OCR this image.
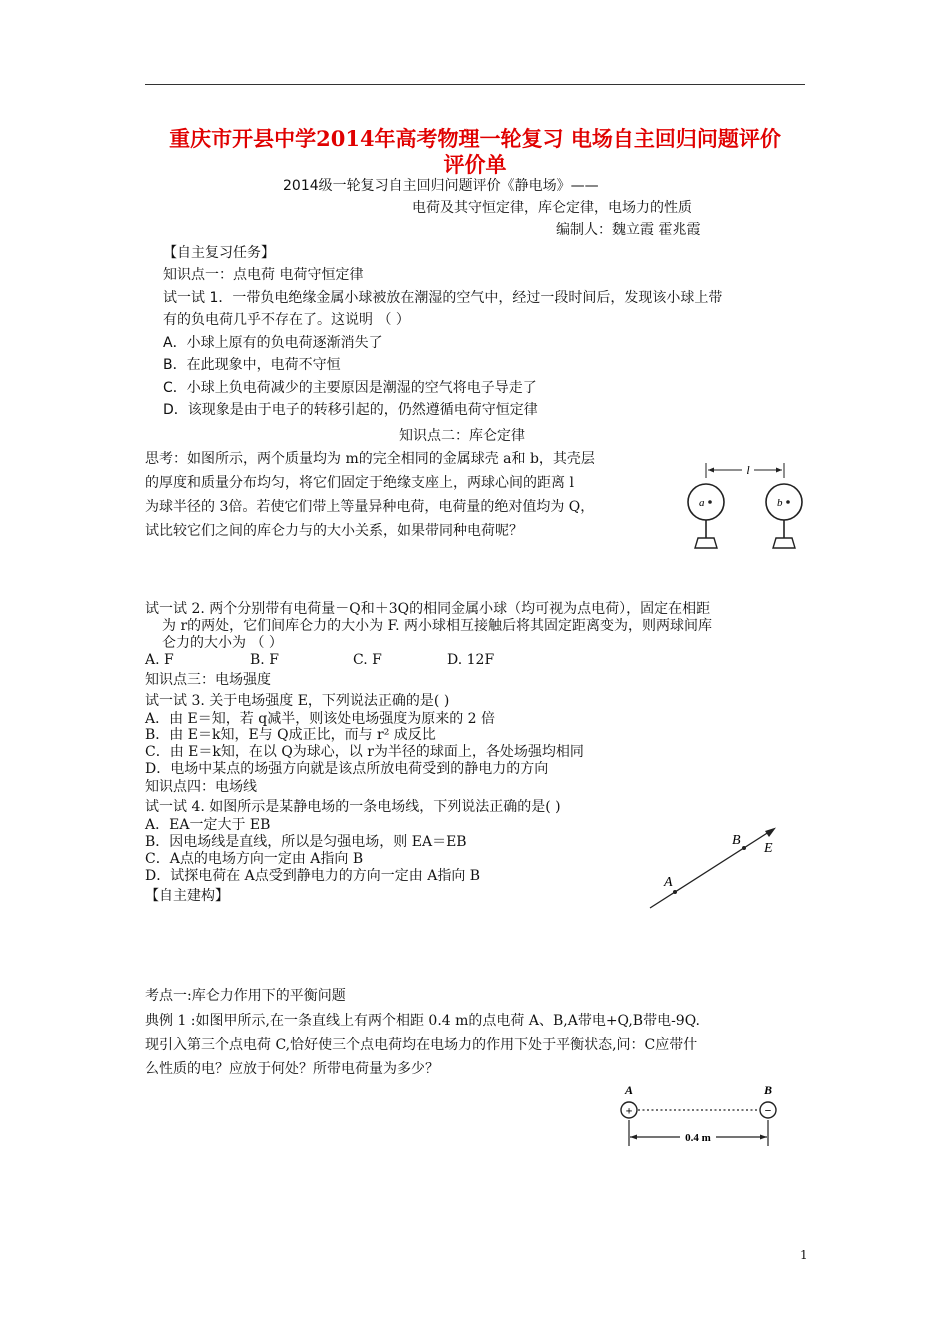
重庆市开县中学2014年高考物理一轮复习 电场自主回归问题评价
评价单
2014级一轮复习自主回归问题评价《静电场》——
电荷及其守恒定律，库仑定律，电场力的性质
编制人：魏立霞 霍兆霞
【自主复习任务】
知识点一：点电荷 电荷守恒定律
试一试 1．一带负电绝缘金属小球被放在潮湿的空气中，经过一段时间后，发现该小球上带
有的负电荷几乎不存在了。这说明 （ ）
A．小球上原有的负电荷逐渐消失了
B．在此现象中，电荷不守恒
C．小球上负电荷减少的主要原因是潮湿的空气将电子导走了
D．该现象是由于电子的转移引起的，仍然遵循电荷守恒定律
知识点二：库仑定律
思考：如图所示，两个质量均为 m的完全相同的金属球壳 a和 b，其壳层
的厚度和质量分布均匀，将它们固定于绝缘支座上，两球心间的距离 l
为球半径的 3倍。若使它们带上等量异种电荷，电荷量的绝对值均为 Q，
试比较它们之间的库仑力与的大小关系，如果带同种电荷呢？
l
a	b
试一试 2. 两个分别带有电荷量－Q和＋3Q的相同金属小球（均可视为点电荷），固定在相距
为 r的两处，它们间库仑力的大小为 F. 两小球相互接触后将其固定距离变为，则两球间库
仑力的大小为 （ ）
A. F	B. F	C. F	D. 12F
知识点三：电场强度
试一试 3. 关于电场强度 E，下列说法正确的是( )
A．由 E＝知，若 q减半，则该处电场强度为原来的 2 倍
B．由 E＝k知，E与 Q成正比，而与 r² 成反比
C．由 E＝k知，在以 Q为球心，以 r为半径的球面上，各处场强均相同
D．电场中某点的场强方向就是该点所放电荷受到的静电力的方向
知识点四：电场线
试一试 4. 如图所示是某静电场的一条电场线，下列说法正确的是( )
A．EA一定大于 EB
B．因电场线是直线，所以是匀强电场，则 EA＝EB
C．A点的电场方向一定由 A指向 B
D．试探电荷在 A点受到静电力的方向一定由 A指向 B	A
B
E
【自主建构】
考点一:库仑力作用下的平衡问题
典例 1 :如图甲所示,在一条直线上有两个相距 0.4 m的点电荷 A、B,A带电+Q,B带电-9Q.
现引入第三个点电荷 C,恰好使三个点电荷均在电场力的作用下处于平衡状态,问：C应带什
么性质的电？应放于何处？所带电荷量为多少？
A	B
+	−
0.4 m
1
